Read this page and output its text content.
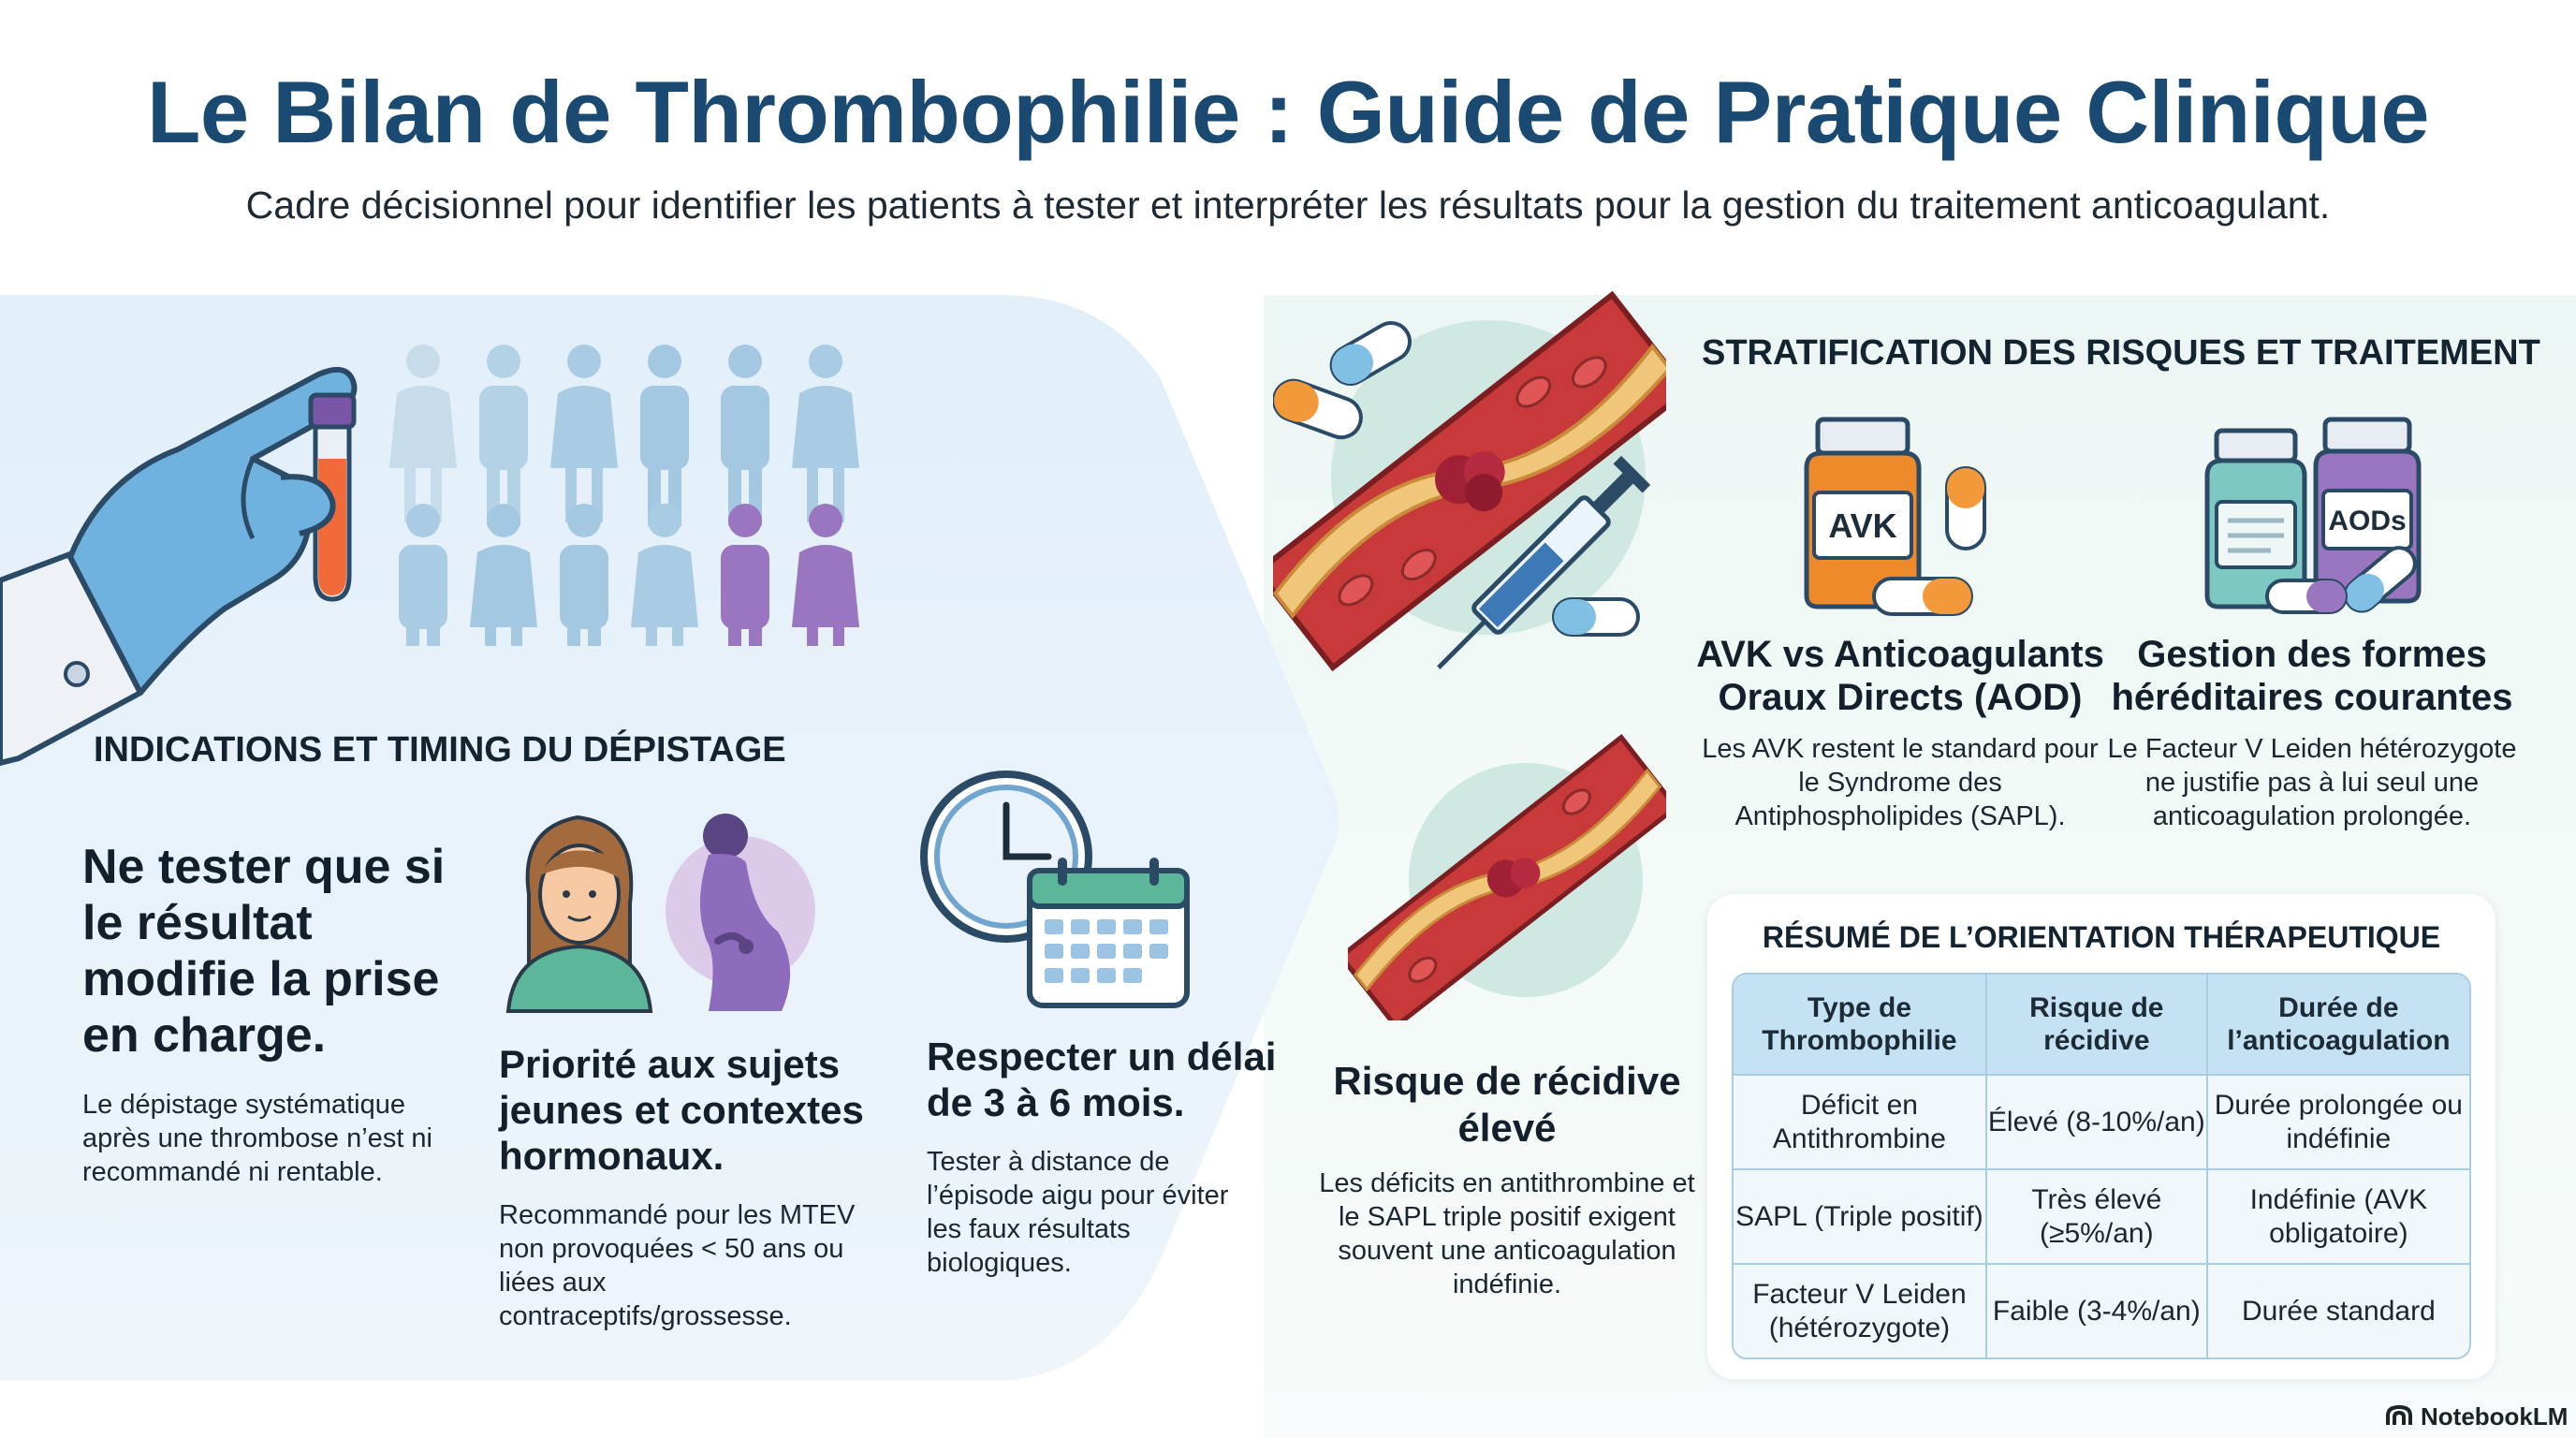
Le Bilan de Thrombophilie : Guide de Pratique Clinique
Cadre décisionnel pour identifier les patients à tester et interpréter les résultats pour la gestion du traitement anticoagulant.
INDICATIONS ET TIMING DU DÉPISTAGE
Ne tester que si le résultat modifie la prise en charge.
Le dépistage systématique après une thrombose n’est ni recommandé ni rentable.
Priorité aux sujets jeunes et contextes hormonaux.
Recommandé pour les MTEV non provoquées < 50 ans ou liées aux contraceptifs/grossesse.
Respecter un délai de 3 à 6 mois.
Tester à distance de l’épisode aigu pour éviter les faux résultats biologiques.
Risque de récidive élevé
Les déficits en antithrombine et le SAPL triple positif exigent souvent une anticoagulation indéfinie.
STRATIFICATION DES RISQUES ET TRAITEMENT
AVK	AODs
AVK vs Anticoagulants Oraux Directs (AOD)
Les AVK restent le standard pour le Syndrome des Antiphospholipides (SAPL).
Gestion des formes héréditaires courantes
Le Facteur V Leiden hétérozygote ne justifie pas à lui seul une anticoagulation prolongée.
RÉSUMÉ DE L’ORIENTATION THÉRAPEUTIQUE
Type de Thrombophilie	Risque de récidive	Durée de l’anticoagulation
Déficit en Antithrombine	Élevé (8-10%/an)	Durée prolongée ou indéfinie
SAPL (Triple positif)	Très élevé (≥5%/an)	Indéfinie (AVK obligatoire)
Facteur V Leiden (hétérozygote)	Faible (3-4%/an)	Durée standard
NotebookLM
